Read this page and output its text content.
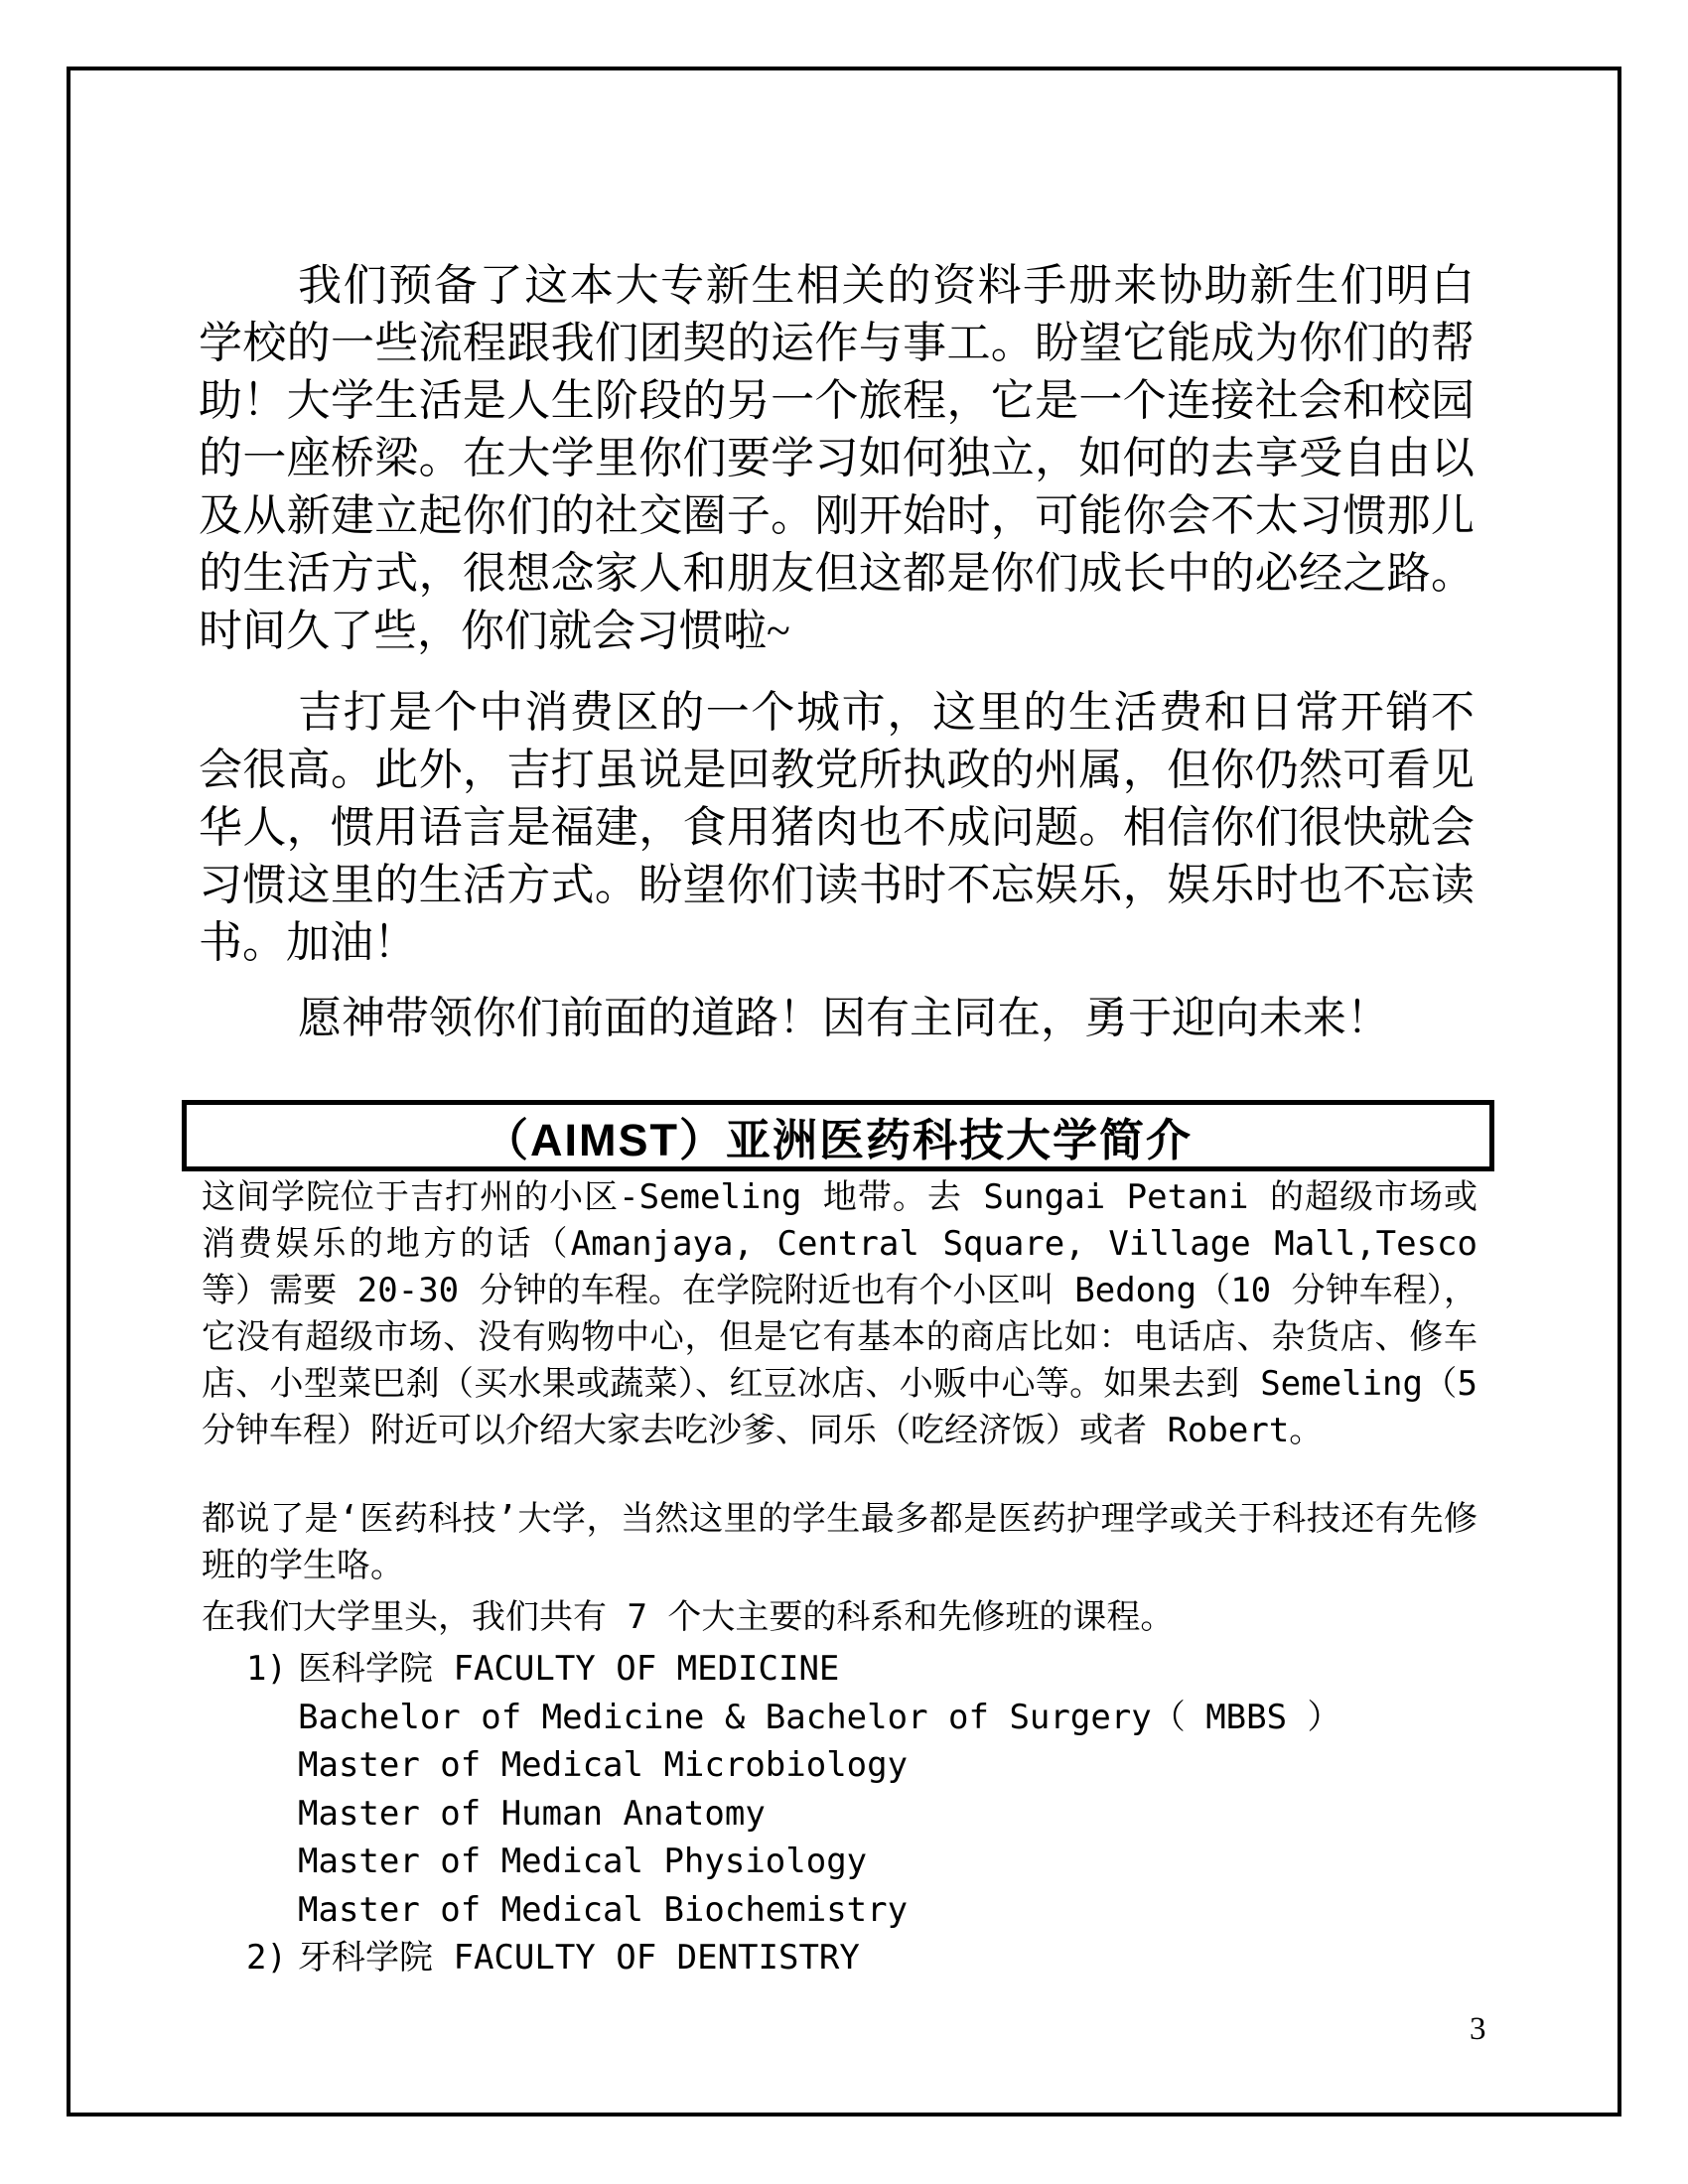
我们预备了这本大专新生相关的资料手册来协助新生们明白学校的一些流程跟我们团契的运作与事工。盼望它能成为你们的帮助！大学生活是人生阶段的另一个旅程，它是一个连接社会和校园的一座桥梁。在大学里你们要学习如何独立，如何的去享受自由以及从新建立起你们的社交圈子。刚开始时，可能你会不太习惯那儿的生活方式，很想念家人和朋友但这都是你们成长中的必经之路。时间久了些，你们就会习惯啦~
吉打是个中消费区的一个城市，这里的生活费和日常开销不会很高。此外，吉打虽说是回教党所执政的州属，但你仍然可看见华人，惯用语言是福建，食用猪肉也不成问题。相信你们很快就会习惯这里的生活方式。盼望你们读书时不忘娱乐，娱乐时也不忘读书。加油！
愿神带领你们前面的道路！因有主同在，勇于迎向未来！
（AIMST）亚洲医药科技大学简介
这间学院位于吉打州的小区-Semeling 地带。去 Sungai Petani 的超级市场或消费娱乐的地方的话（Amanjaya, Central Square, Village Mall,Tesco 等）需要 20-30 分钟的车程。在学院附近也有个小区叫 Bedong（10 分钟车程），它没有超级市场、没有购物中心，但是它有基本的商店比如：电话店、杂货店、修车店、小型菜巴刹（买水果或蔬菜）、红豆冰店、小贩中心等。如果去到 Semeling（5 分钟车程）附近可以介绍大家去吃沙爹、同乐（吃经济饭）或者 Robert。
都说了是‘医药科技’大学，当然这里的学生最多都是医药护理学或关于科技还有先修班的学生咯。
在我们大学里头，我们共有 7 个大主要的科系和先修班的课程。
1) 医科学院 FACULTY OF MEDICINE
Bachelor of Medicine & Bachelor of Surgery（ MBBS ）
Master of Medical Microbiology
Master of Human Anatomy
Master of Medical Physiology
Master of Medical Biochemistry
2) 牙科学院 FACULTY OF DENTISTRY
3
